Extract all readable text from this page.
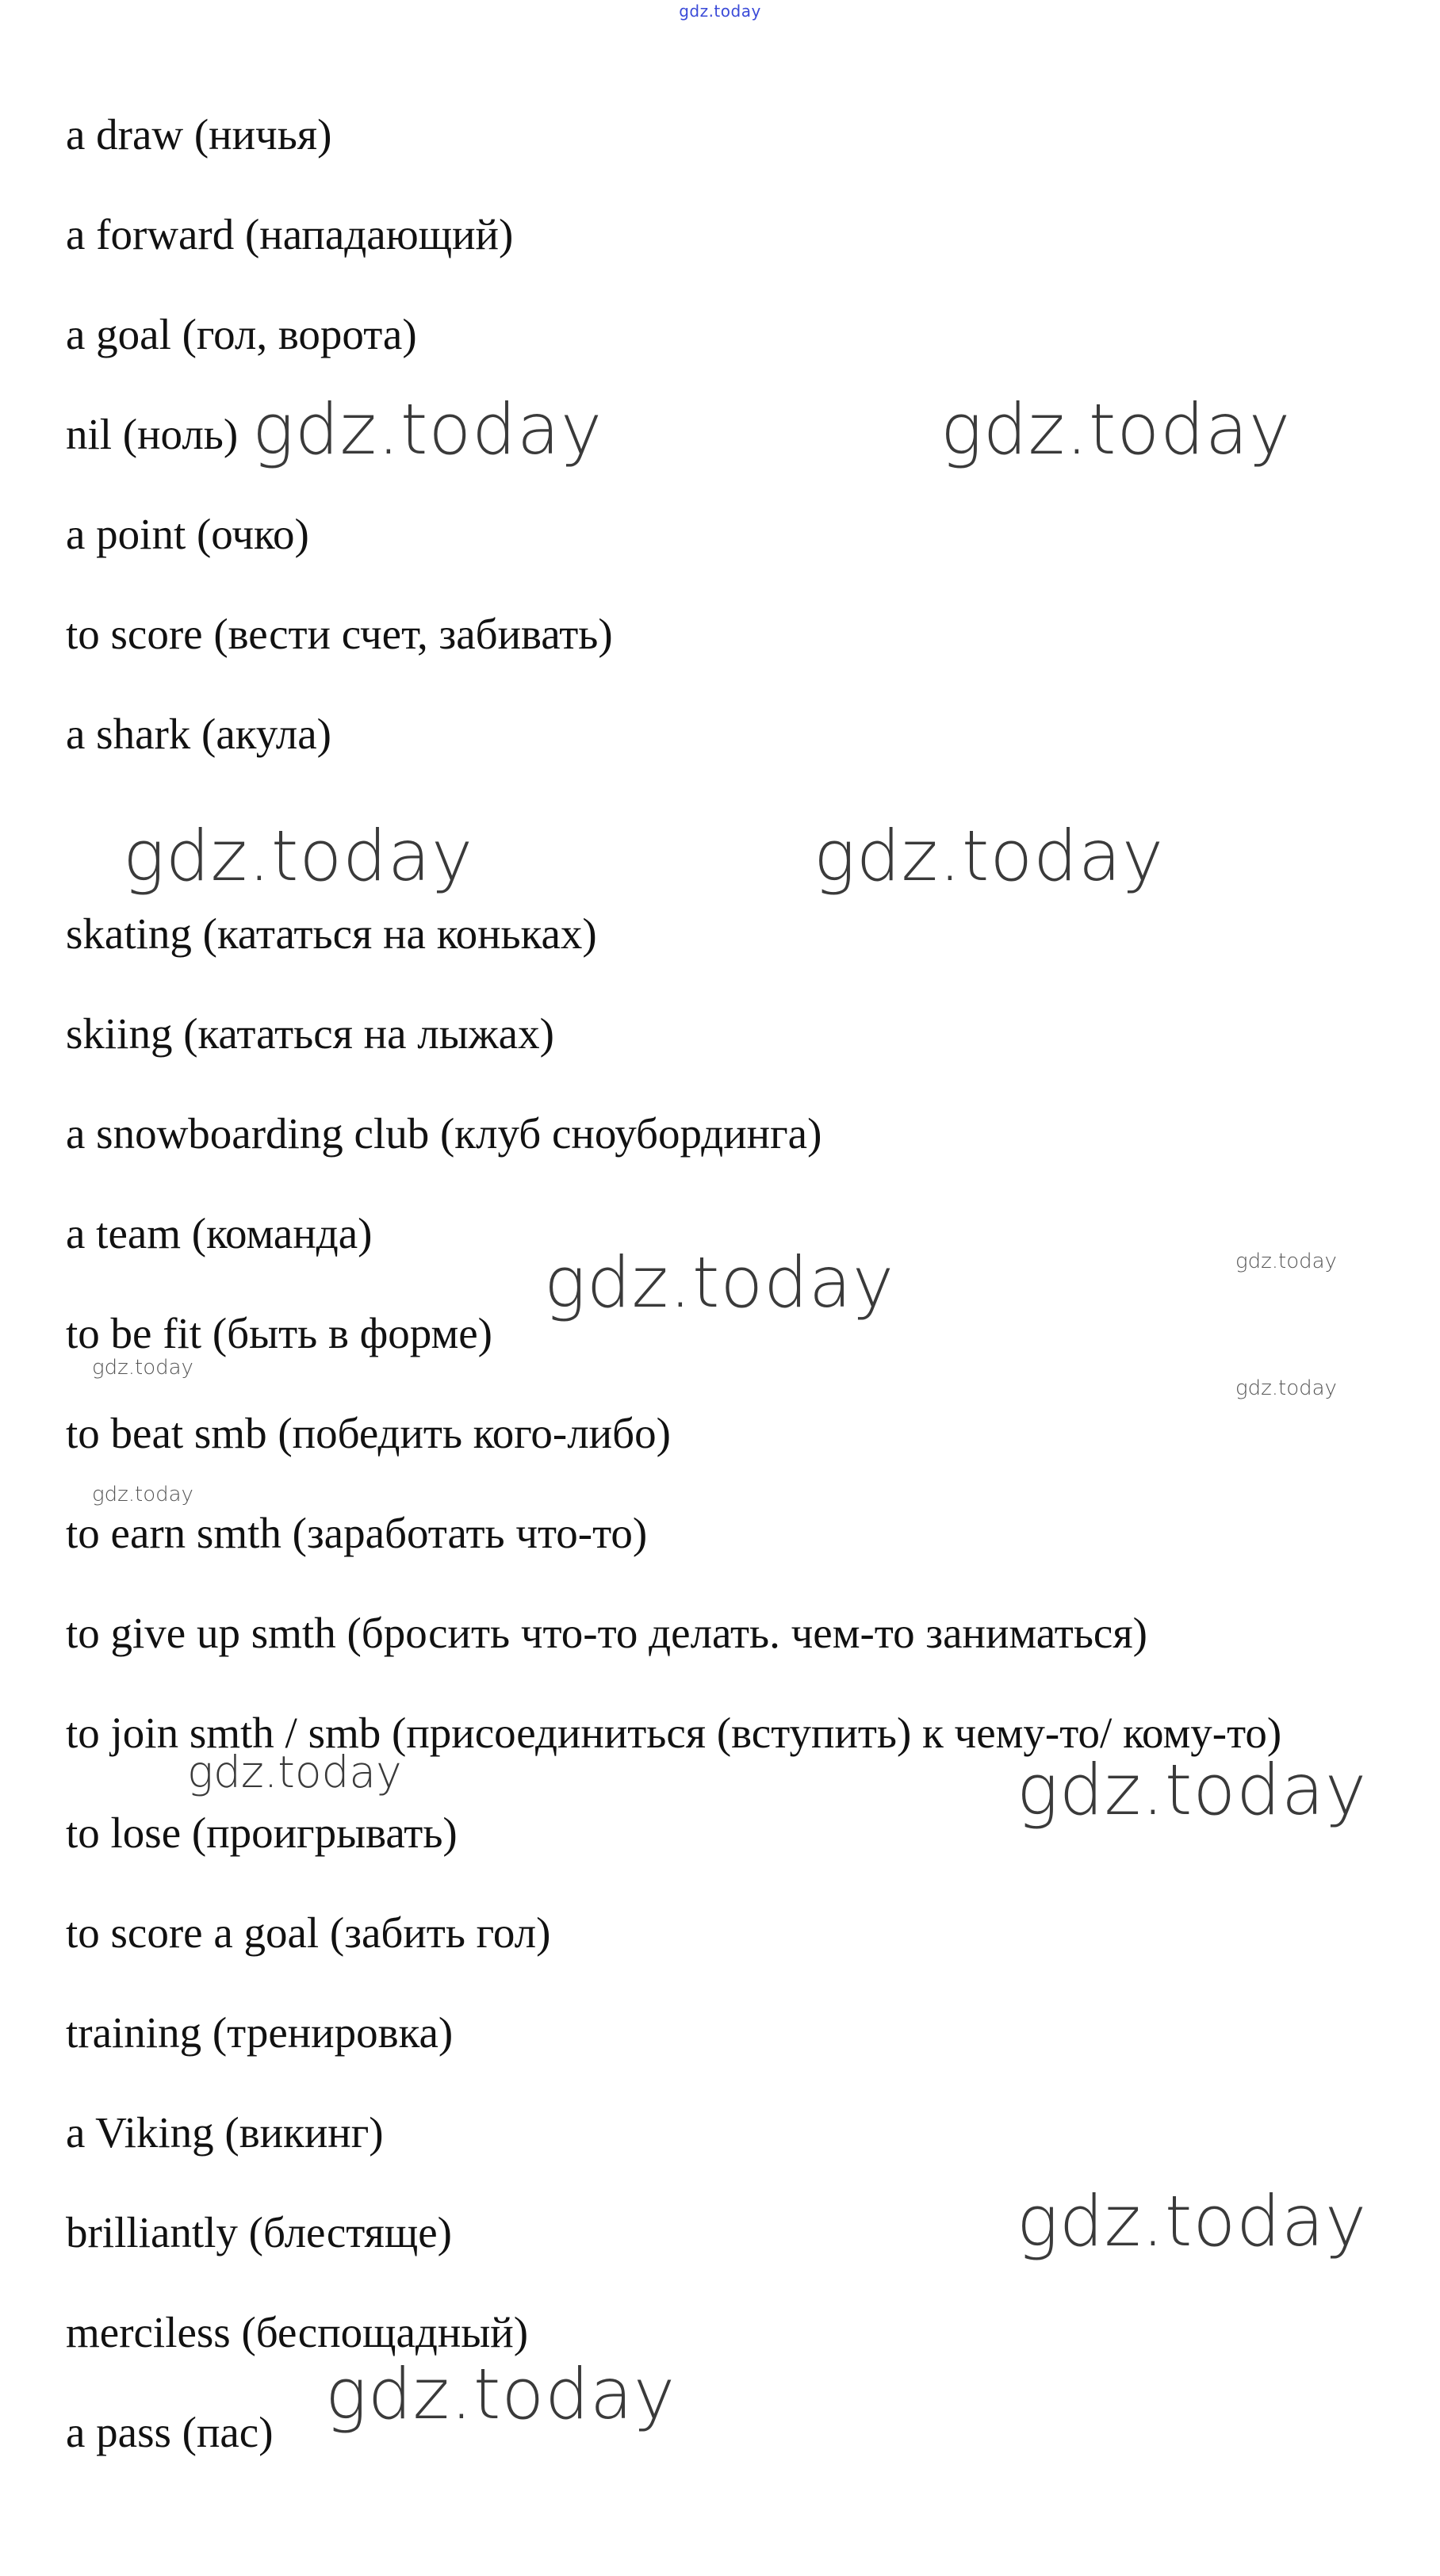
gdz.today
a draw (ничья)
a forward (нападающий)
a goal (гол, ворота)
nil (ноль)
a point (очко)
to score (вести счет, забивать)
a shark (акула)
skating (кататься на коньках)
skiing (кататься на лыжах)
a snowboarding club (клуб сноубординга)
a team (команда)
to be fit (быть в форме)
to beat smb (победить кого-либо)
to earn smth (заработать что-то)
to give up smth (бросить что-то делать. чем-то заниматься)
to join smth / smb (присоединиться (вступить) к чему-то/ кому-то)
to lose (проигрывать)
to score a goal (забить гол)
training (тренировка)
a Viking (викинг)
brilliantly (блестяще)
merciless (беспощадный)
a pass (пас)
gdz.today	gdz.today
gdz.today	gdz.today
gdz.today
gdz.today
gdz.today
gdz.today
gdz.today
gdz.today	gdz.today
gdz.today
gdz.today
